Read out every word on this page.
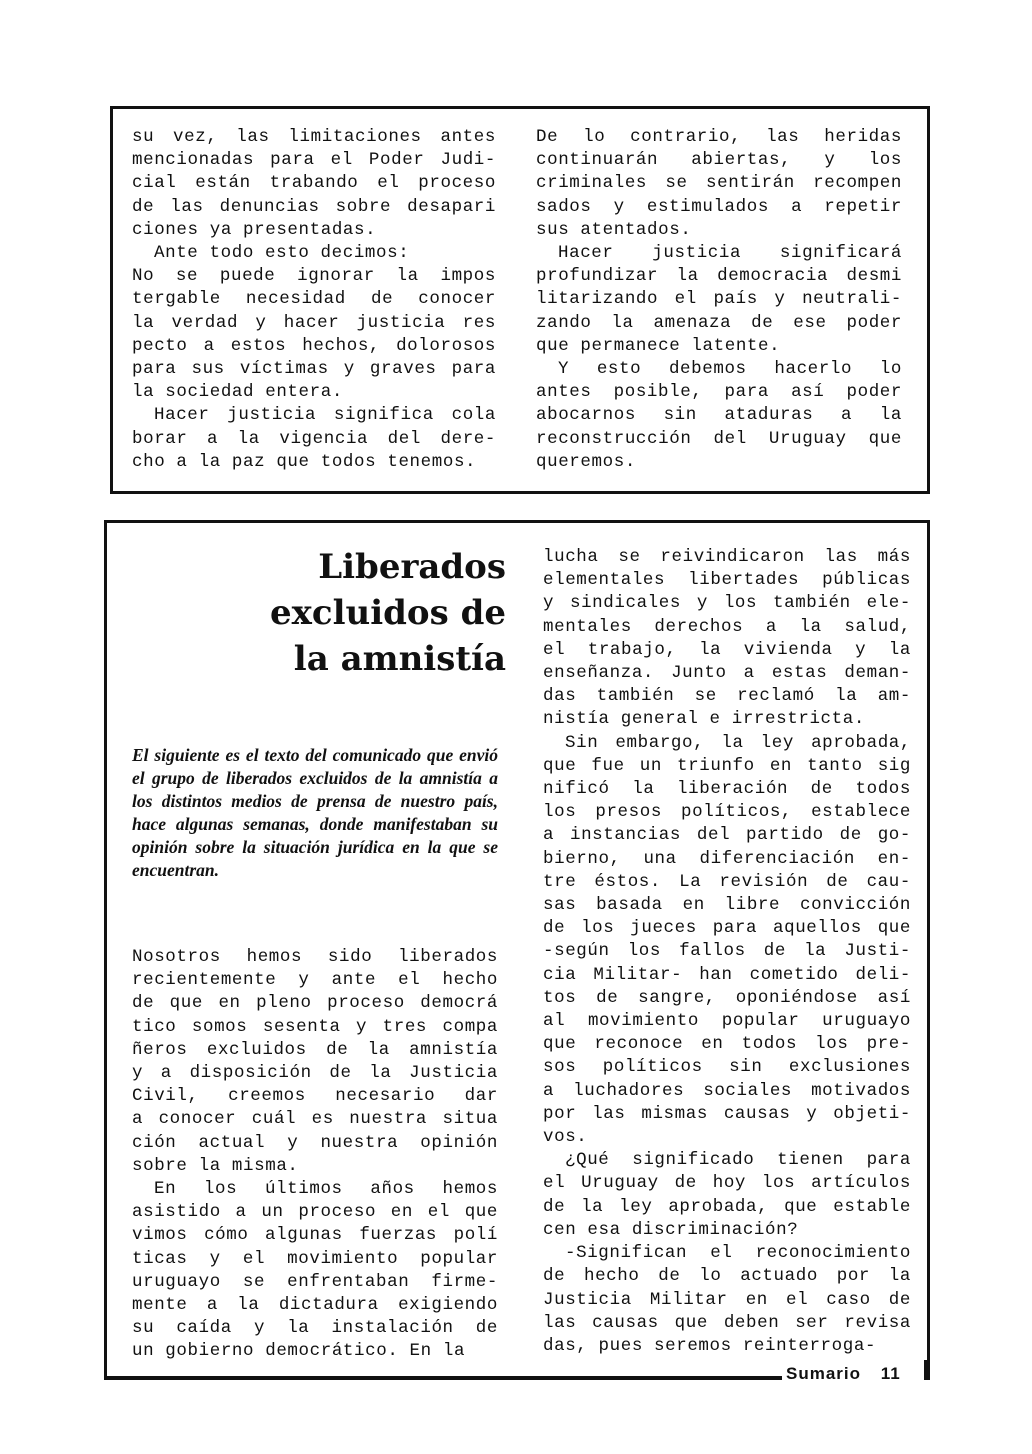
su vez, las limitaciones antes
mencionadas para el Poder Judi-
cial están trabando el proceso
de las denuncias sobre desapari
ciones ya presentadas.
Ante todo esto decimos:
No se puede ignorar la impos
tergable necesidad de conocer
la verdad y hacer justicia res
pecto a estos hechos, dolorosos
para sus víctimas y graves para
la sociedad entera.
Hacer justicia significa cola
borar a la vigencia del dere-
cho a la paz que todos tenemos.
De lo contrario, las heridas
continuarán abiertas, y los
criminales se sentirán recompen
sados y estimulados a repetir
sus atentados.
Hacer justicia significará
profundizar la democracia desmi
litarizando el país y neutrali-
zando la amenaza de ese poder
que permanece latente.
Y esto debemos hacerlo lo
antes posible, para así poder
abocarnos sin ataduras a la
reconstrucción del Uruguay que
queremos.
Liberados
excluidos de
la amnistía
El siguiente es el texto del comunicado que envió el grupo de liberados excluidos de la amnistía a los distintos medios de prensa de nuestro país, hace algunas semanas, donde manifestaban su opinión sobre la situación jurídica en la que se encuentran.
Nosotros hemos sido liberados
recientemente y ante el hecho
de que en pleno proceso democrá
tico somos sesenta y tres compa
ñeros excluidos de la amnistía
y a disposición de la Justicia
Civil, creemos necesario dar
a conocer cuál es nuestra situa
ción actual y nuestra opinión
sobre la misma.
En los últimos años hemos
asistido a un proceso en el que
vimos cómo algunas fuerzas polí
ticas y el movimiento popular
uruguayo se enfrentaban firme-
mente a la dictadura exigiendo
su caída y la instalación de
un gobierno democrático. En la
lucha se reivindicaron las más
elementales libertades públicas
y sindicales y los también ele-
mentales derechos a la salud,
el trabajo, la vivienda y la
enseñanza. Junto a estas deman-
das también se reclamó la am-
nistía general e irrestricta.
Sin embargo, la ley aprobada,
que fue un triunfo en tanto sig
nificó la liberación de todos
los presos políticos, establece
a instancias del partido de go-
bierno, una diferenciación en-
tre éstos. La revisión de cau-
sas basada en libre convicción
de los jueces para aquellos que
-según los fallos de la Justi-
cia Militar- han cometido deli-
tos de sangre, oponiéndose así
al movimiento popular uruguayo
que reconoce en todos los pre-
sos políticos sin exclusiones
a luchadores sociales motivados
por las mismas causas y objeti-
vos.
¿Qué significado tienen para
el Uruguay de hoy los artículos
de la ley aprobada, que estable
cen esa discriminación?
-Significan el reconocimiento
de hecho de lo actuado por la
Justicia Militar en el caso de
las causas que deben ser revisa
das, pues seremos reinterroga-
Sumario 11
